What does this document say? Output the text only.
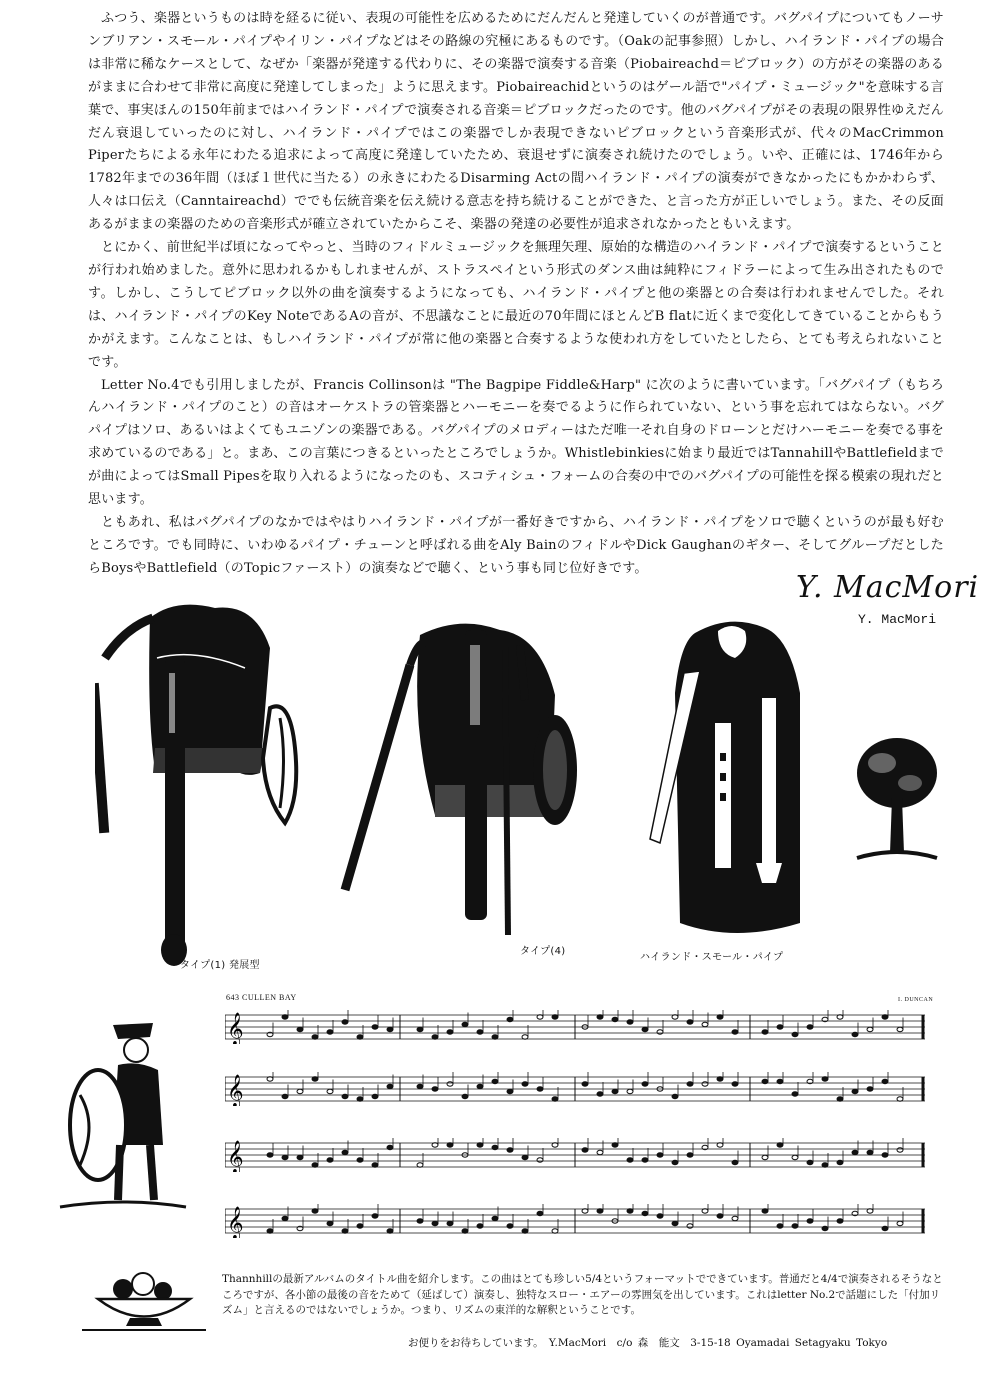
ふつう、楽器というものは時を経るに従い、表現の可能性を広めるためにだんだんと発達していくのが普通です。バグパイプについてもノーサンブリアン・スモール・パイプやイリン・パイプなどはその路線の究極にあるものです。（Oakの記事参照）しかし、ハイランド・パイプの場合は非常に稀なケースとして、なぜか「楽器が発達する代わりに、その楽器で演奏する音楽（Piobaireachd＝ピブロック）の方がその楽器のあるがままに合わせて非常に高度に発達してしまった」ように思えます。Piobaireachidというのはゲール語で"パイプ・ミュージック"を意味する言葉で、事実ほんの150年前まではハイランド・パイプで演奏される音楽＝ピブロックだったのです。他のバグパイプがその表現の限界性ゆえだんだん衰退していったのに対し、ハイランド・パイプではこの楽器でしか表現できないピブロックという音楽形式が、代々のMacCrimmon Piperたちによる永年にわたる追求によって高度に発達していたため、衰退せずに演奏され続けたのでしょう。いや、正確には、1746年から1782年までの36年間（ほぼ１世代に当たる）の永きにわたるDisarming Actの間ハイランド・パイプの演奏ができなかったにもかかわらず、人々は口伝え（Canntaireachd）ででも伝統音楽を伝え続ける意志を持ち続けることができた、と言った方が正しいでしょう。また、その反面あるがままの楽器のための音楽形式が確立されていたからこそ、楽器の発達の必要性が追求されなかったともいえます。

とにかく、前世紀半ば頃になってやっと、当時のフィドルミュージックを無理矢理、原始的な構造のハイランド・パイプで演奏するということが行われ始めました。意外に思われるかもしれませんが、ストラスペイという形式のダンス曲は純粋にフィドラーによって生み出されたものです。しかし、こうしてピブロック以外の曲を演奏するようになっても、ハイランド・パイプと他の楽器との合奏は行われませんでした。それは、ハイランド・パイプのKey NoteであるAの音が、不思議なことに最近の70年間にほとんどB flatに近くまで変化してきていることからもうかがえます。こんなことは、もしハイランド・パイプが常に他の楽器と合奏するような使われ方をしていたとしたら、とても考えられないことです。

Letter No.4でも引用しましたが、Francis Collinsonは "The Bagpipe Fiddle&Harp" に次のように書いています。「バグパイプ（もちろんハイランド・パイプのこと）の音はオーケストラの管楽器とハーモニーを奏でるように作られていない、という事を忘れてはならない。バグパイプはソロ、あるいはよくてもユニゾンの楽器である。バグパイプのメロディーはただ唯一それ自身のドローンとだけハーモニーを奏でる事を求めているのである」と。まあ、この言葉につきるといったところでしょうか。Whistlebinkiesに始まり最近ではTannahillやBattlefieldまでが曲によってはSmall Pipesを取り入れるようになったのも、スコティシュ・フォームの合奏の中でのバグパイプの可能性を探る模索の現れだと思います。

ともあれ、私はバグパイプのなかではやはりハイランド・パイプが一番好きですから、ハイランド・パイプをソロで聴くというのが最も好むところです。でも同時に、いわゆるパイプ・チューンと呼ばれる曲をAly BainのフィドルやDick Gaughanのギター、そしてグループだとしたらBoysやBattlefield（のTopicファースト）の演奏などで聴く、という事も同じ位好きです。

Y. MacMori
Y. MacMori
タイプ(1) 発展型
タイプ(4)
ハイランド・スモール・パイプ
643 CULLEN BAY	I. DUNCAN
𝄞
𝄞
𝄞
𝄞

Thannhillの最新アルバムのタイトル曲を紹介します。この曲はとても珍しい5/4というフォーマットでできています。普通だと4/4で演奏されるそうなところですが、各小節の最後の音をためて（延ばして）演奏し、独特なスロー・エアーの雰囲気を出しています。これはletter No.2で話題にした「付加リズム」と言えるのではないでしょうか。つまり、リズムの東洋的な解釈ということです。

お便りをお待ちしています。　Y.MacMori　c/o 森　能文　3-15-18 Oyamadai Setagyaku Tokyo
